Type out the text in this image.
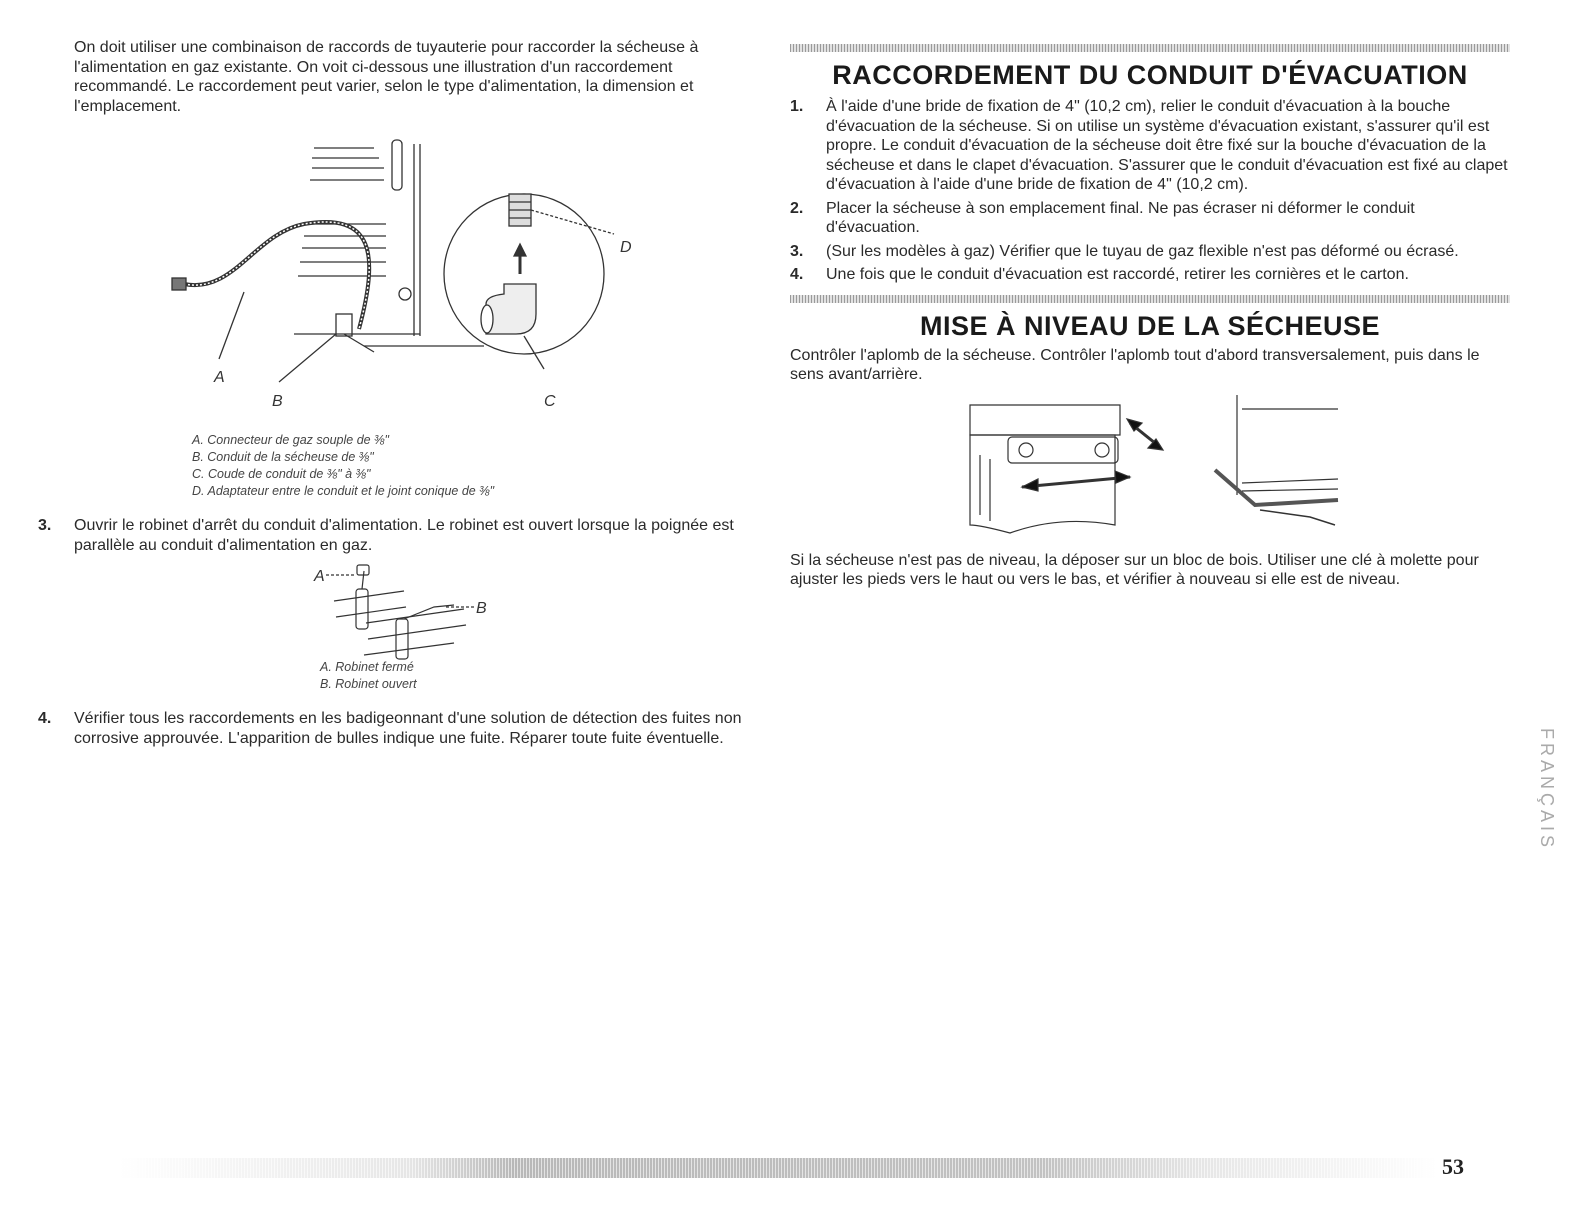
On doit utiliser une combinaison de raccords de tuyauterie pour raccorder la sécheuse à l'alimentation en gaz existante. On voit ci-dessous une illustration d'un raccordement recommandé. Le raccordement peut varier, selon le type d'alimentation, la dimension et l'emplacement.

A
B	C
D
A. Connecteur de gaz souple de ⅜"
B. Conduit de la sécheuse de ⅜"
C. Coude de conduit de ⅜" à ⅜"
D. Adaptateur entre le conduit et le joint conique de ⅜"
3. Ouvrir le robinet d'arrêt du conduit d'alimentation. Le robinet est ouvert lorsque la poignée est parallèle au conduit d'alimentation en gaz.
A
B
A. Robinet fermé
B. Robinet ouvert
4. Vérifier tous les raccordements en les badigeonnant d'une solution de détection des fuites non corrosive approuvée. L'apparition de bulles indique une fuite. Réparer toute fuite éventuelle.
RACCORDEMENT DU CONDUIT D'ÉVACUATION
1. À l'aide d'une bride de fixation de 4" (10,2 cm), relier le conduit d'évacuation à la bouche d'évacuation de la sécheuse. Si on utilise un système d'évacuation existant, s'assurer qu'il est propre. Le conduit d'évacuation de la sécheuse doit être fixé sur la bouche d'évacuation de la sécheuse et dans le clapet d'évacuation. S'assurer que le conduit d'évacuation est fixé au clapet d'évacuation à l'aide d'une bride de fixation de 4" (10,2 cm).
2. Placer la sécheuse à son emplacement final. Ne pas écraser ni déformer le conduit d'évacuation.
3. (Sur les modèles à gaz) Vérifier que le tuyau de gaz flexible n'est pas déformé ou écrasé.
4. Une fois que le conduit d'évacuation est raccordé, retirer les cornières et le carton.
MISE À NIVEAU DE LA SÉCHEUSE

Contrôler l'aplomb de la sécheuse. Contrôler l'aplomb tout d'abord transversalement, puis dans le sens avant/arrière.

Si la sécheuse n'est pas de niveau, la déposer sur un bloc de bois. Utiliser une clé à molette pour ajuster les pieds vers le haut ou vers le bas, et vérifier à nouveau si elle est de niveau.

FRANÇAIS
53
